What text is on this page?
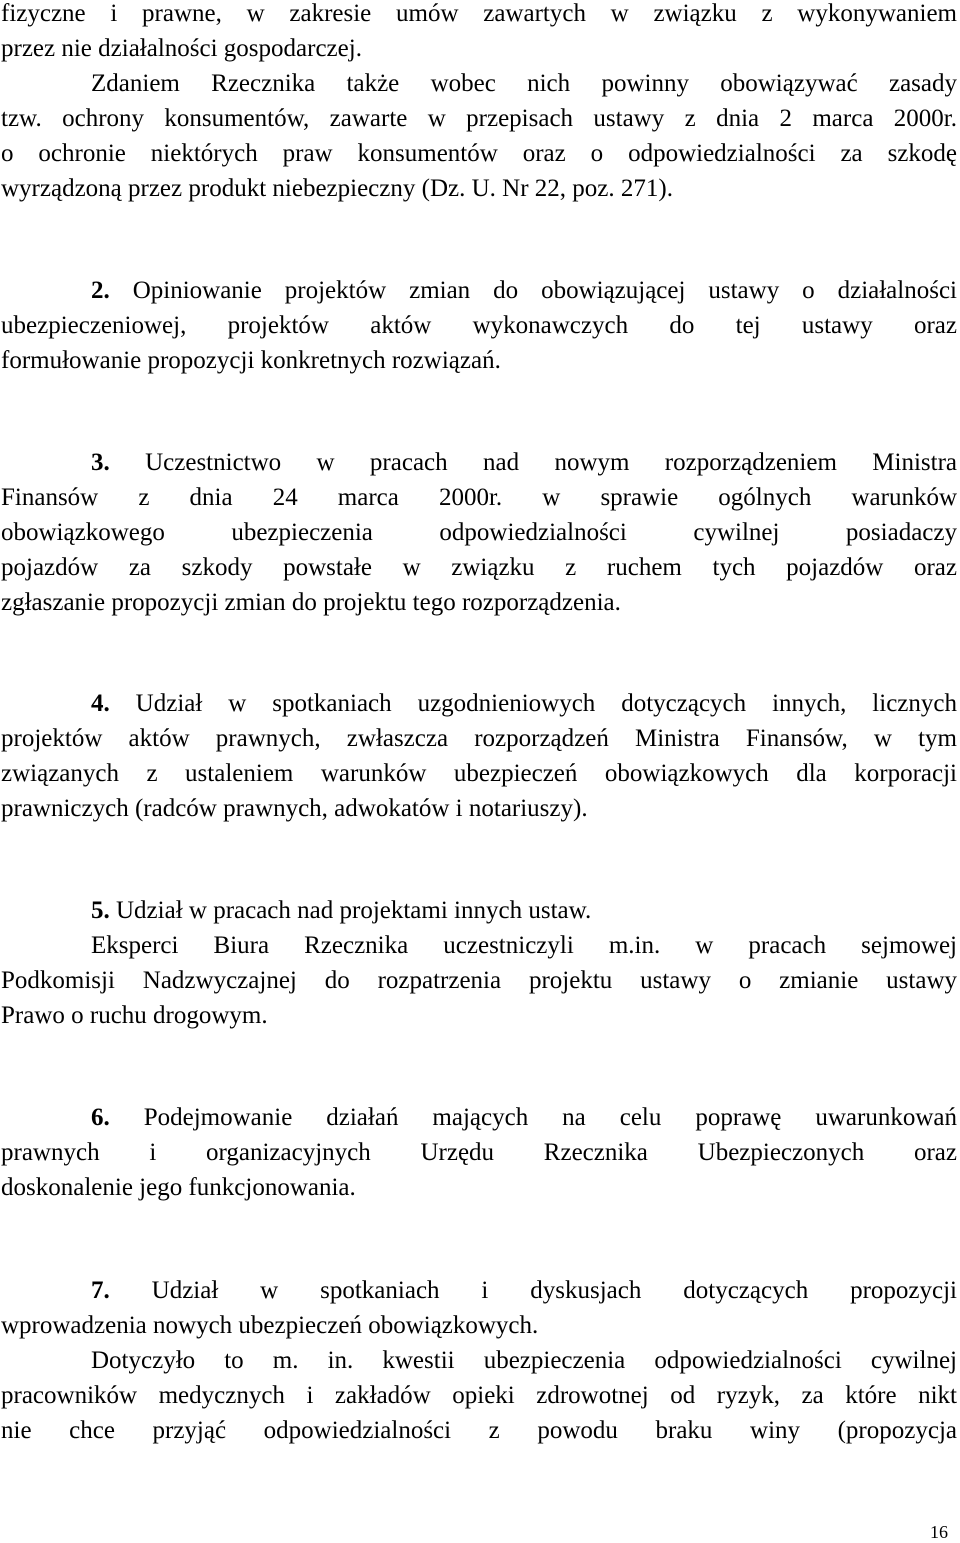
fizyczne i prawne, w zakresie umów zawartych w związku z wykonywaniem
przez nie działalności gospodarczej.
Zdaniem Rzecznika także wobec nich powinny obowiązywać zasady
tzw. ochrony konsumentów, zawarte w przepisach ustawy z dnia 2 marca 2000r.
o ochronie niektórych praw konsumentów oraz o odpowiedzialności za szkodę
wyrządzoną przez produkt niebezpieczny (Dz. U. Nr 22, poz. 271).
2. Opiniowanie projektów zmian do obowiązującej ustawy o działalności
ubezpieczeniowej, projektów aktów wykonawczych do tej ustawy oraz
formułowanie propozycji konkretnych rozwiązań.
3. Uczestnictwo w pracach nad nowym rozporządzeniem Ministra
Finansów z dnia 24 marca 2000r. w sprawie ogólnych warunków
obowiązkowego ubezpieczenia odpowiedzialności cywilnej posiadaczy
pojazdów za szkody powstałe w związku z ruchem tych pojazdów oraz
zgłaszanie propozycji zmian do projektu tego rozporządzenia.
4. Udział w spotkaniach uzgodnieniowych dotyczących innych, licznych
projektów aktów prawnych, zwłaszcza rozporządzeń Ministra Finansów, w tym
związanych z ustaleniem warunków ubezpieczeń obowiązkowych dla korporacji
prawniczych (radców prawnych, adwokatów i notariuszy).
5. Udział w pracach nad projektami innych ustaw.
Eksperci Biura Rzecznika uczestniczyli m.in. w pracach sejmowej
Podkomisji Nadzwyczajnej do rozpatrzenia projektu ustawy o zmianie ustawy
Prawo o ruchu drogowym.
6. Podejmowanie działań mających na celu poprawę uwarunkowań
prawnych i organizacyjnych Urzędu Rzecznika Ubezpieczonych oraz
doskonalenie jego funkcjonowania.
7. Udział w spotkaniach i dyskusjach dotyczących propozycji
wprowadzenia nowych ubezpieczeń obowiązkowych.
Dotyczyło to m. in. kwestii ubezpieczenia odpowiedzialności cywilnej
pracowników medycznych i zakładów opieki zdrowotnej od ryzyk, za które nikt
nie chce przyjąć odpowiedzialności z powodu braku winy (propozycja
16
